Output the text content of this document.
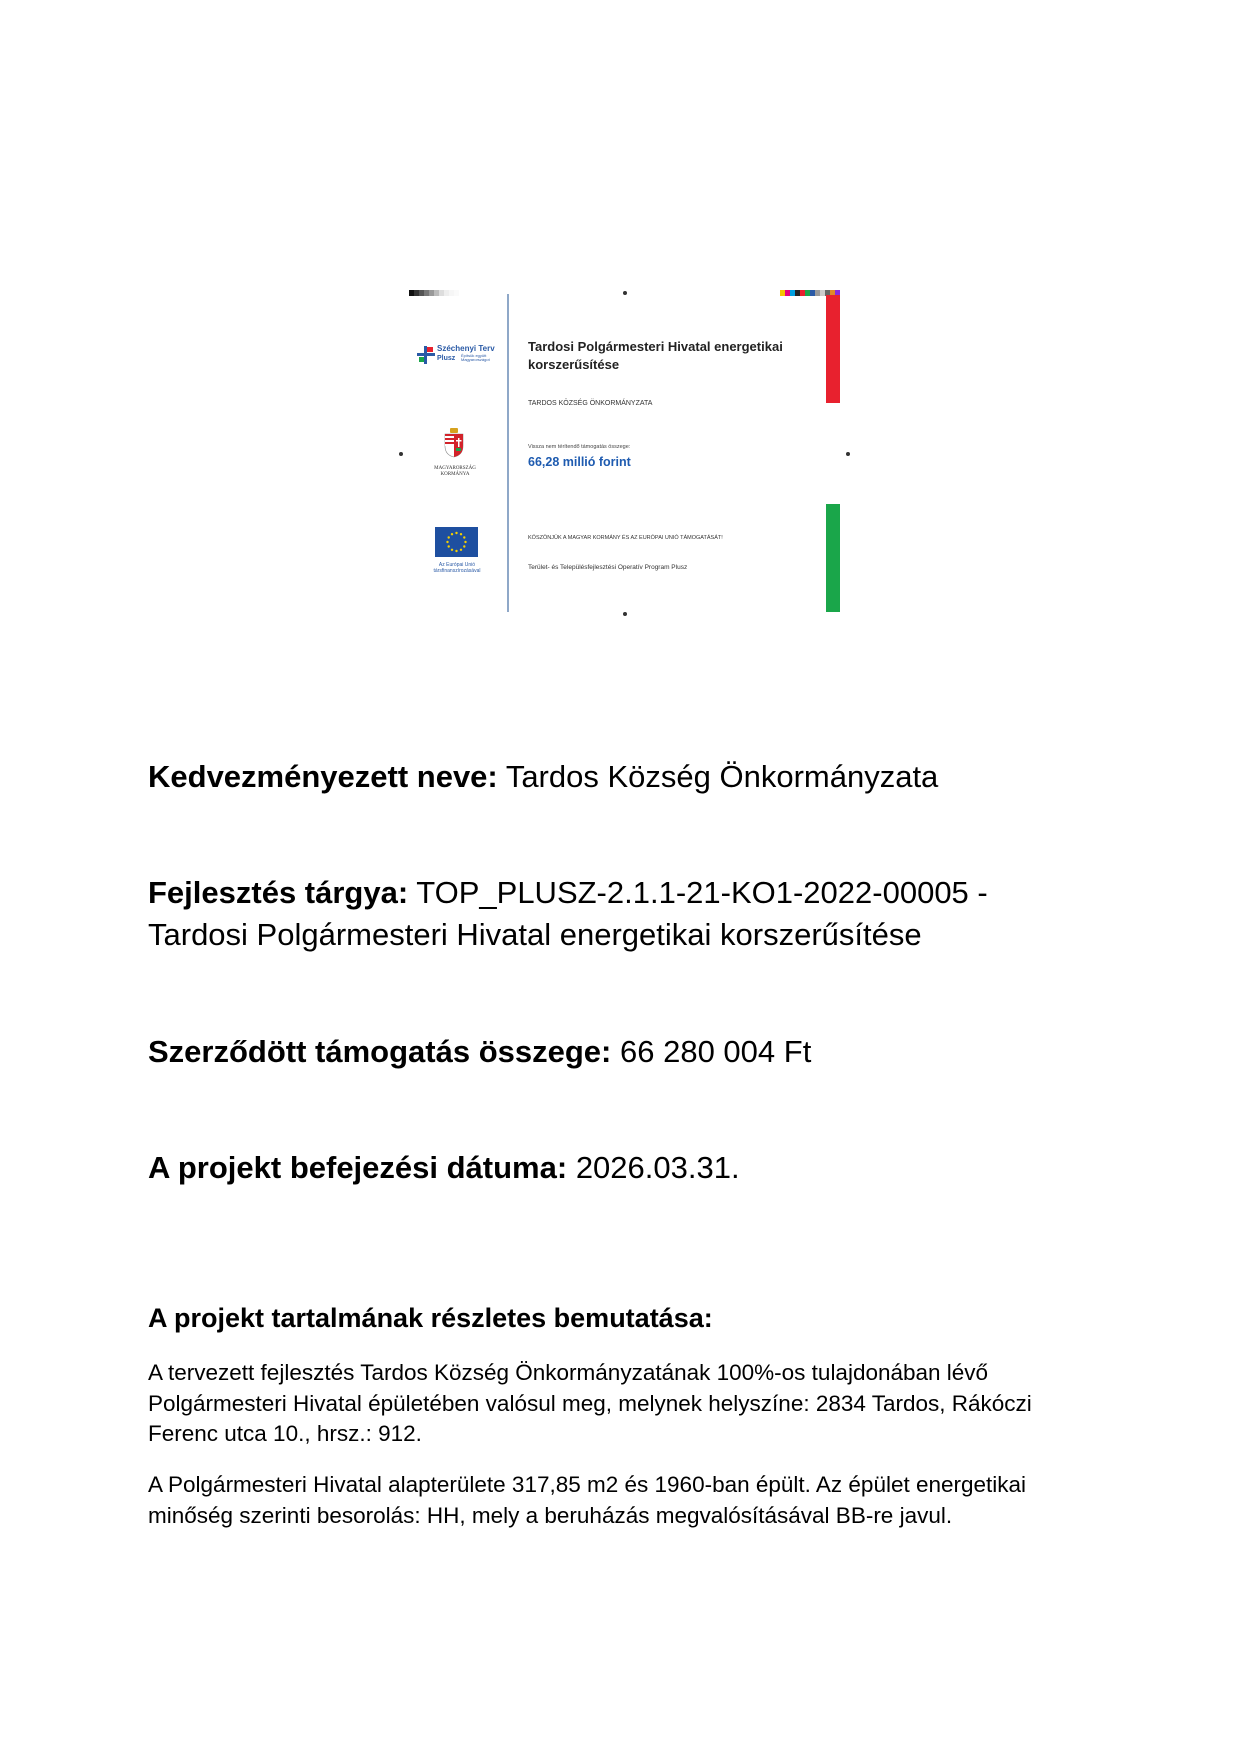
Széchenyi Terv
Plusz Építsük együtt Magyarországot
MAGYARORSZÁG KORMÁNYA
Az Európai Unió társfinanszírozásával
Tardosi Polgármesteri Hivatal energetikai korszerűsítése
TARDOS KÖZSÉG ÖNKORMÁNYZATA
Vissza nem térítendő támogatás összege:
66,28 millió forint
KÖSZÖNJÜK A MAGYAR KORMÁNY ÉS AZ EURÓPAI UNIÓ TÁMOGATÁSÁT!
Terület- és Településfejlesztési Operatív Program Plusz
Kedvezményezett neve: Tardos Község Önkormányzata
Fejlesztés tárgya: TOP_PLUSZ-2.1.1-21-KO1-2022-00005 - Tardosi Polgármesteri Hivatal energetikai korszerűsítése
Szerződött támogatás összege: 66 280 004 Ft
A projekt befejezési dátuma: 2026.03.31.
A projekt tartalmának részletes bemutatása:
A tervezett fejlesztés Tardos Község Önkormányzatának 100%-os tulajdonában lévő Polgármesteri Hivatal épületében valósul meg, melynek helyszíne: 2834 Tardos, Rákóczi Ferenc utca 10., hrsz.: 912.
A Polgármesteri Hivatal alapterülete 317,85 m2 és 1960-ban épült. Az épület energetikai minőség szerinti besorolás: HH, mely a beruházás megvalósításával BB-re javul.
